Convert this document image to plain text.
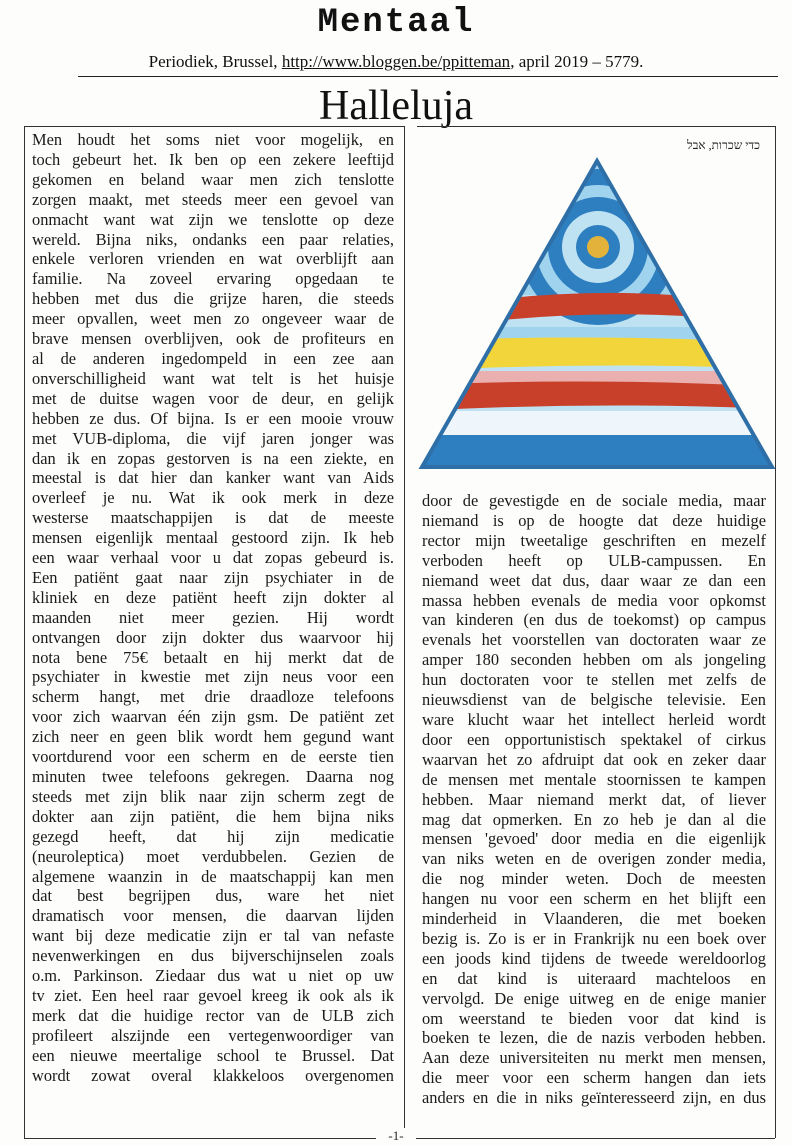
Mentaal
Periodiek, Brussel, http://www.bloggen.be/ppitteman, april 2019 – 5779.
Halleluja
Men houdt het soms niet voor mogelijk, en
toch gebeurt het. Ik ben op een zekere leeftijd
gekomen en beland waar men zich tenslotte
zorgen maakt, met steeds meer een gevoel van
onmacht want wat zijn we tenslotte op deze
wereld. Bijna niks, ondanks een paar relaties,
enkele verloren vrienden en wat overblijft aan
familie. Na zoveel ervaring opgedaan te
hebben met dus die grijze haren, die steeds
meer opvallen, weet men zo ongeveer waar de
brave mensen overblijven, ook de profiteurs en
al de anderen ingedompeld in een zee aan
onverschilligheid want wat telt is het huisje
met de duitse wagen voor de deur, en gelijk
hebben ze dus. Of bijna. Is er een mooie vrouw
met VUB-diploma, die vijf jaren jonger was
dan ik en zopas gestorven is na een ziekte, en
meestal is dat hier dan kanker want van Aids
overleef je nu. Wat ik ook merk in deze
westerse maatschappijen is dat de meeste
mensen eigenlijk mentaal gestoord zijn. Ik heb
een waar verhaal voor u dat zopas gebeurd is.
Een patiënt gaat naar zijn psychiater in de
kliniek en deze patiënt heeft zijn dokter al
maanden niet meer gezien. Hij wordt
ontvangen door zijn dokter dus waarvoor hij
nota bene 75€ betaalt en hij merkt dat de
psychiater in kwestie met zijn neus voor een
scherm hangt, met drie draadloze telefoons
voor zich waarvan één zijn gsm. De patiënt zet
zich neer en geen blik wordt hem gegund want
voortdurend voor een scherm en de eerste tien
minuten twee telefoons gekregen. Daarna nog
steeds met zijn blik naar zijn scherm zegt de
dokter aan zijn patiënt, die hem bijna niks
gezegd heeft, dat hij zijn medicatie
(neuroleptica) moet verdubbelen. Gezien de
algemene waanzin in de maatschappij kan men
dat best begrijpen dus, ware het niet
dramatisch voor mensen, die daarvan lijden
want bij deze medicatie zijn er tal van nefaste
nevenwerkingen en dus bijverschijnselen zoals
o.m. Parkinson. Ziedaar dus wat u niet op uw
tv ziet. Een heel raar gevoel kreeg ik ook als ik
merk dat die huidige rector van de ULB zich
profileert alszijnde een vertegenwoordiger van
een nieuwe meertalige school te Brussel. Dat
wordt zowat overal klakkeloos overgenomen
כדי שכרות, אבל
door de gevestigde en de sociale media, maar
niemand is op de hoogte dat deze huidige
rector mijn tweetalige geschriften en mezelf
verboden heeft op ULB-campussen. En
niemand weet dat dus, daar waar ze dan een
massa hebben evenals de media voor opkomst
van kinderen (en dus de toekomst) op campus
evenals het voorstellen van doctoraten waar ze
amper 180 seconden hebben om als jongeling
hun doctoraten voor te stellen met zelfs de
nieuwsdienst van de belgische televisie. Een
ware klucht waar het intellect herleid wordt
door een opportunistisch spektakel of cirkus
waarvan het zo afdruipt dat ook en zeker daar
de mensen met mentale stoornissen te kampen
hebben. Maar niemand merkt dat, of liever
mag dat opmerken. En zo heb je dan al die
mensen 'gevoed' door media en die eigenlijk
van niks weten en de overigen zonder media,
die nog minder weten. Doch de meesten
hangen nu voor een scherm en het blijft een
minderheid in Vlaanderen, die met boeken
bezig is. Zo is er in Frankrijk nu een boek over
een joods kind tijdens de tweede wereldoorlog
en dat kind is uiteraard machteloos en
vervolgd. De enige uitweg en de enige manier
om weerstand te bieden voor dat kind is
boeken te lezen, die de nazis verboden hebben.
Aan deze universiteiten nu merkt men mensen,
die meer voor een scherm hangen dan iets
anders en die in niks geïnteresseerd zijn, en dus
-1-
